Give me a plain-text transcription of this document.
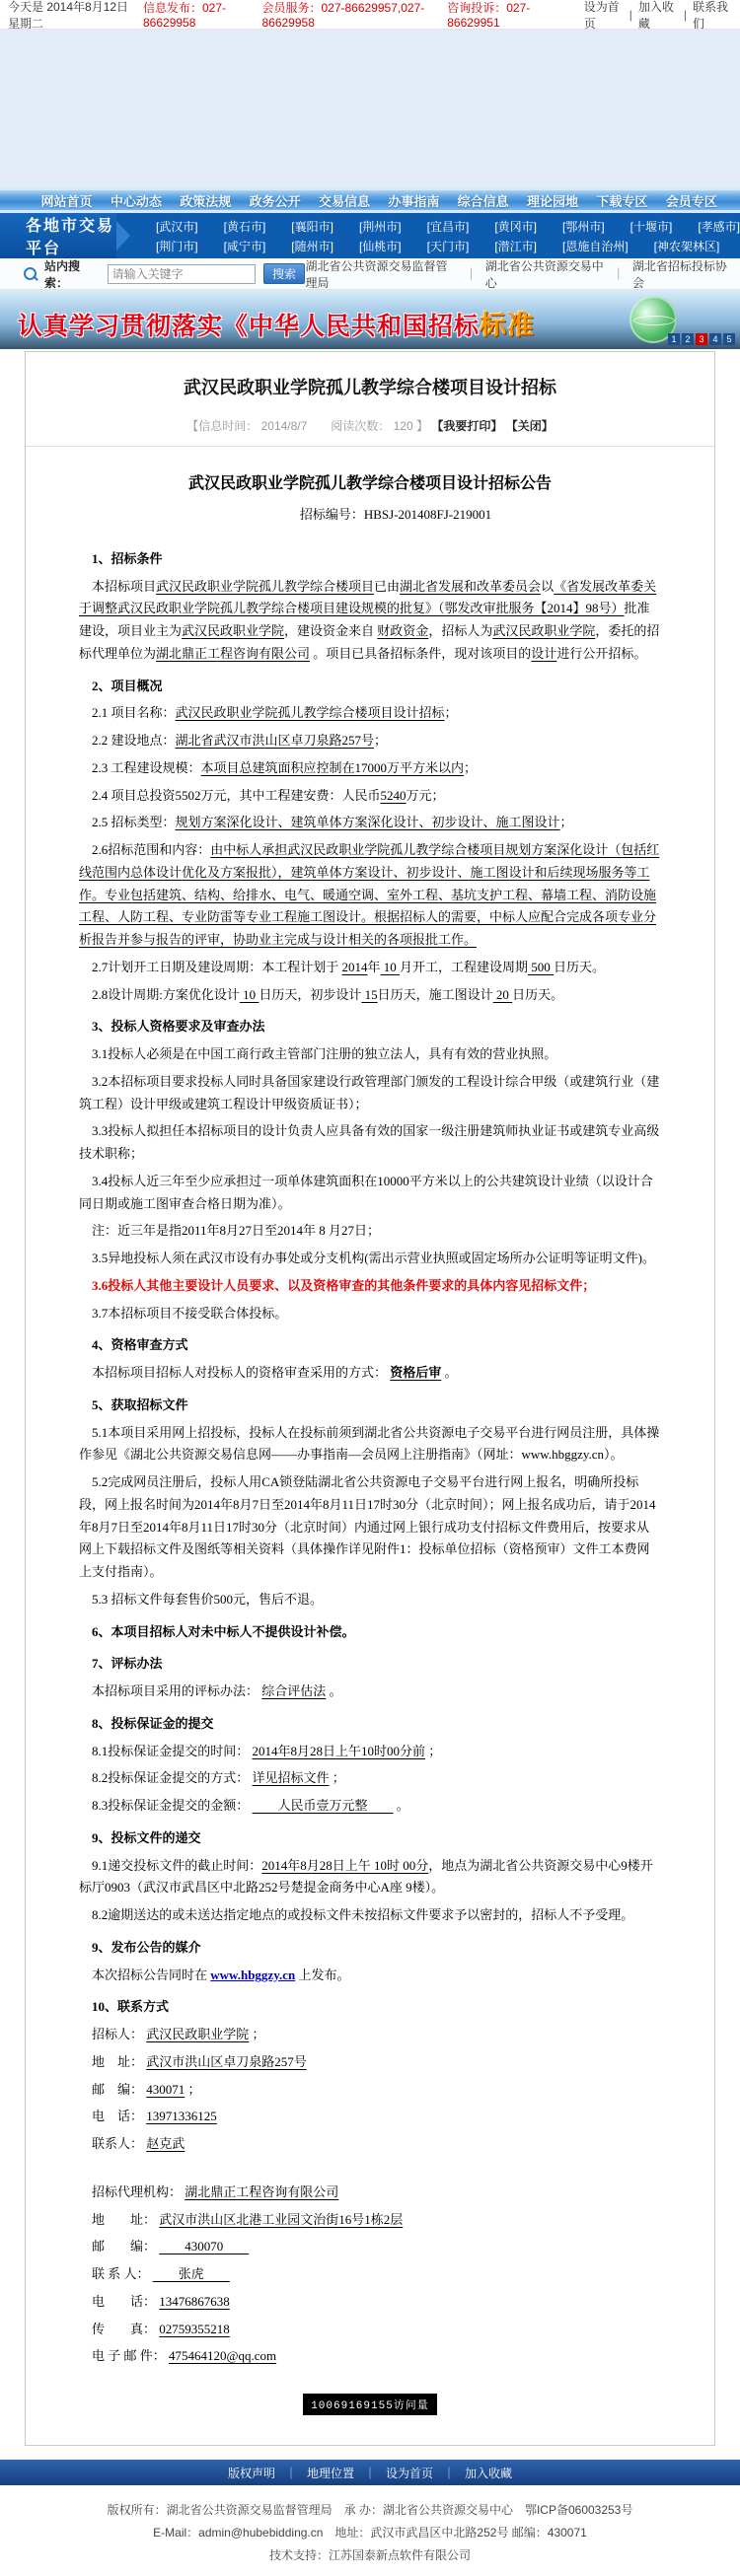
今天是 2014年8月12日 星期二
信息发布：027-86629958
会员服务：027-86629957,027-86629958
咨询投诉：027-86629951

设为首页
|
加入收藏
|
联系我们
网站首页 中心动态 政策法规 政务公开 交易信息 办事指南 综合信息 理论园地 下载专区 会员专区
各地市交易平台
[武汉市] [黄石市] [襄阳市] [荆州市] [宜昌市] [黄冈市] [鄂州市] [十堰市] [孝感市]
[荆门市] [咸宁市] [随州市] [仙桃市] [天门市] [潜江市] [恩施自治州] [神农架林区]
站内搜索：
请输入关键字
搜索
湖北省公共资源交易监督管理局
｜
湖北省公共资源交易中心
｜
湖北省招标投标协会
认真学习贯彻落实《中华人民共和国招标标准	1 2 3 4 5
武汉民政职业学院孤儿教学综合楼项目设计招标
【信息时间： 2014/8/7　　阅读次数： 120 】 【我要打印】 【关闭】
武汉民政职业学院孤儿教学综合楼项目设计招标公告
招标编号：HBSJ-201408FJ-219001
1、招标条件
本招标项目武汉民政职业学院孤儿教学综合楼项目已由湖北省发展和改革委员会以《省发展改革委关于调整武汉民政职业学院孤儿教学综合楼项目建设规模的批复》（鄂发改审批服务【2014】98号）批准建设，项目业主为武汉民政职业学院，建设资金来自 财政资金，招标人为武汉民政职业学院，委托的招标代理单位为湖北鼎正工程咨询有限公司 。项目已具备招标条件，现对该项目的设计进行公开招标。
2、项目概况
2.1 项目名称：武汉民政职业学院孤儿教学综合楼项目设计招标；
2.2 建设地点：湖北省武汉市洪山区卓刀泉路257号；
2.3 工程建设规模：本项目总建筑面积应控制在17000万平方米以内；
2.4 项目总投资5502万元，其中工程建安费：人民币5240万元；
2.5 招标类型：规划方案深化设计、建筑单体方案深化设计、初步设计、施工图设计；
2.6招标范围和内容：由中标人承担武汉民政职业学院孤儿教学综合楼项目规划方案深化设计（包括红线范围内总体设计优化及方案报批），建筑单体方案设计、初步设计、施工图设计和后续现场服务等工作。专业包括建筑、结构、给排水、电气、暖通空调、室外工程、基坑支护工程、幕墙工程、消防设施工程、人防工程、专业防雷等专业工程施工图设计。根据招标人的需要，中标人应配合完成各项专业分析报告并参与报告的评审，协助业主完成与设计相关的各项报批工作。
2.7计划开工日期及建设周期：本工程计划于 2014年 10 月开工，工程建设周期 500 日历天。
2.8设计周期:方案优化设计 10 日历天，初步设计 15日历天，施工图设计 20 日历天。
3、投标人资格要求及审查办法
3.1投标人必须是在中国工商行政主管部门注册的独立法人，具有有效的营业执照。
3.2本招标项目要求投标人同时具备国家建设行政管理部门颁发的工程设计综合甲级（或建筑行业（建筑工程）设计甲级或建筑工程设计甲级资质证书）；
3.3投标人拟担任本招标项目的设计负责人应具备有效的国家一级注册建筑师执业证书或建筑专业高级技术职称；
3.4投标人近三年至少应承担过一项单体建筑面积在10000平方米以上的公共建筑设计业绩（以设计合同日期或施工图审查合格日期为准）。
注：近三年是指2011年8月27日至2014年 8 月27日；
3.5异地投标人须在武汉市设有办事处或分支机构(需出示营业执照或固定场所办公证明等证明文件)。
3.6投标人其他主要设计人员要求、以及资格审查的其他条件要求的具体内容见招标文件；
3.7本招标项目不接受联合体投标。
4、资格审查方式
本招标项目招标人对投标人的资格审查采用的方式： 资格后审 。
5、获取招标文件
5.1本项目采用网上招投标，投标人在投标前须到湖北省公共资源电子交易平台进行网员注册，具体操作参见《湖北公共资源交易信息网——办事指南—会员网上注册指南》（网址：www.hbggzy.cn）。
5.2完成网员注册后，投标人用CA锁登陆湖北省公共资源电子交易平台进行网上报名，明确所投标段，网上报名时间为2014年8月7日至2014年8月11日17时30分（北京时间）；网上报名成功后，请于2014年8月7日至2014年8月11日17时30分（北京时间）内通过网上银行成功支付招标文件费用后，按要求从网上下载招标文件及图纸等相关资料（具体操作详见附件1：投标单位招标（资格预审）文件工本费网上支付指南）。
5.3 招标文件每套售价500元，售后不退。
6、本项目招标人对未中标人不提供设计补偿。
7、评标办法
本招标项目采用的评标办法： 综合评估法 。
8、投标保证金的提交
8.1投标保证金提交的时间： 2014年8月28日上午10时00分前 ；
8.2投标保证金提交的方式： 详见招标文件 ；
8.3投标保证金提交的金额： 　　人民币壹万元整　　 。
9、投标文件的递交
9.1递交投标文件的截止时间：2014年8月28日上午 10时 00分，地点为湖北省公共资源交易中心9楼开标厅0903（武汉市武昌区中北路252号楚提金商务中心A座 9楼）。
8.2逾期送达的或未送达指定地点的或投标文件未按招标文件要求予以密封的，招标人不予受理。
9、发布公告的媒介
本次招标公告同时在 www.hbggzy.cn 上发布。
10、联系方式
招标人： 武汉民政职业学院 ；
地　址： 武汉市洪山区卓刀泉路257号
邮　编： 430071 ；
电　话： 13971336125
联系人： 赵克武
招标代理机构： 湖北鼎正工程咨询有限公司
地　　址： 武汉市洪山区北港工业园文治街16号1栋2层
邮　　编： 　　430070　　
联 系 人： 　　张虎　　
电　　话： 13476867638
传　　真： 02759355218
电 子 邮 件： 475464120@qq.com
10069169155访问量
版权声明 ｜ 地理位置 ｜ 设为首页 ｜ 加入收藏
版权所有：湖北省公共资源交易监督管理局　承 办：湖北省公共资源交易中心　鄂ICP备06003253号
E-Mail：admin@hubebidding.cn　地址：武汉市武昌区中北路252号 邮编：430071
技术支持：江苏国泰新点软件有限公司
